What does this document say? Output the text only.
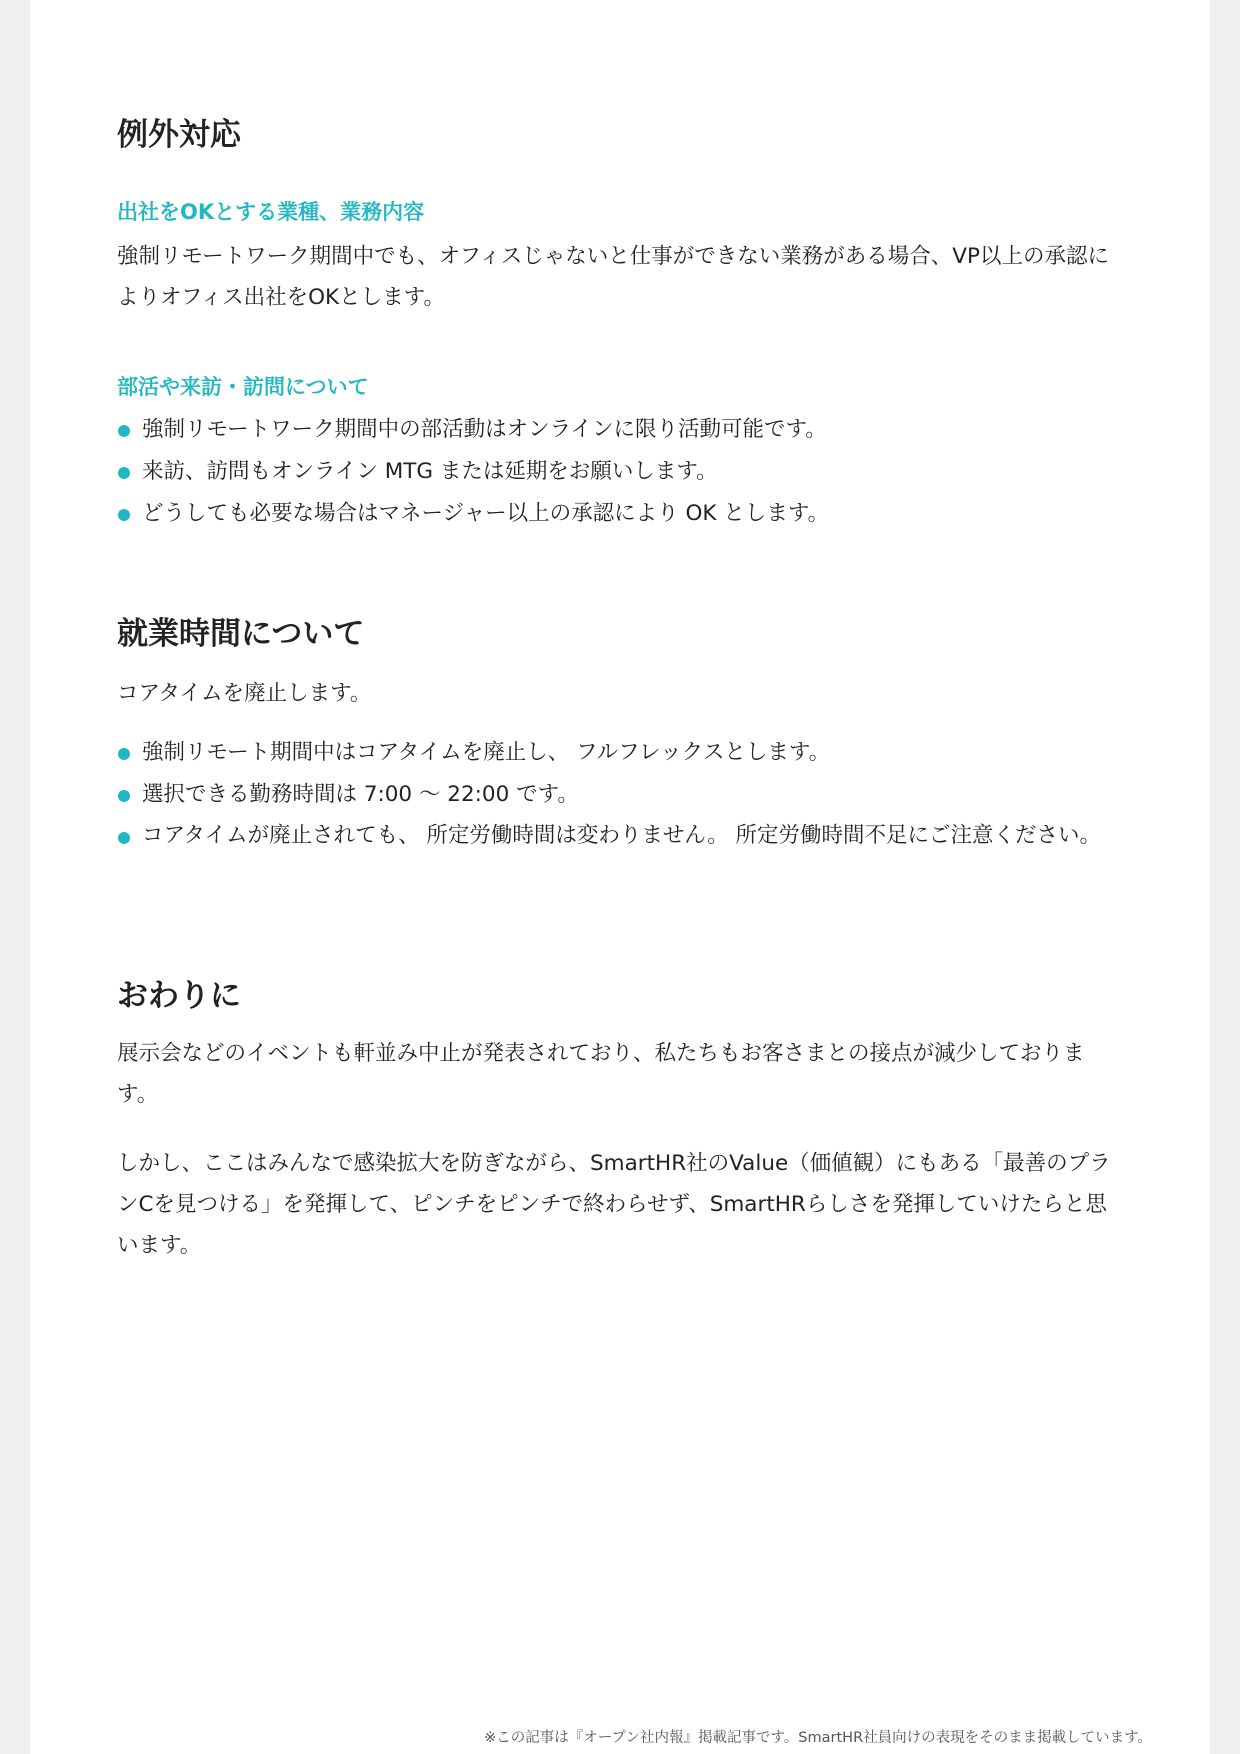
例外対応
出社をOKとする業種、業務内容

強制リモートワーク期間中でも、オフィスじゃないと仕事ができない業務がある場合、VP以上の承認によりオフィス出社をOKとします。

部活や来訪・訪問について
強制リモートワーク期間中の部活動はオンラインに限り活動可能です。
来訪、訪問もオンライン MTG または延期をお願いします。
どうしても必要な場合はマネージャー以上の承認により OK とします。
就業時間について

コアタイムを廃止します。

強制リモート期間中はコアタイムを廃止し、 フルフレックスとします。
選択できる勤務時間は 7:00 〜 22:00 です。
コアタイムが廃止されても、 所定労働時間は変わりません。 所定労働時間不足にご注意ください。
おわりに

展示会などのイベントも軒並み中止が発表されており、私たちもお客さまとの接点が減少しております。

しかし、ここはみんなで感染拡大を防ぎながら、SmartHR社のValue（価値観）にもある「最善のプランCを見つける」を発揮して、ピンチをピンチで終わらせず、SmartHRらしさを発揮していけたらと思います。

※この記事は『オープン社内報』掲載記事です。SmartHR社員向けの表現をそのまま掲載しています。
